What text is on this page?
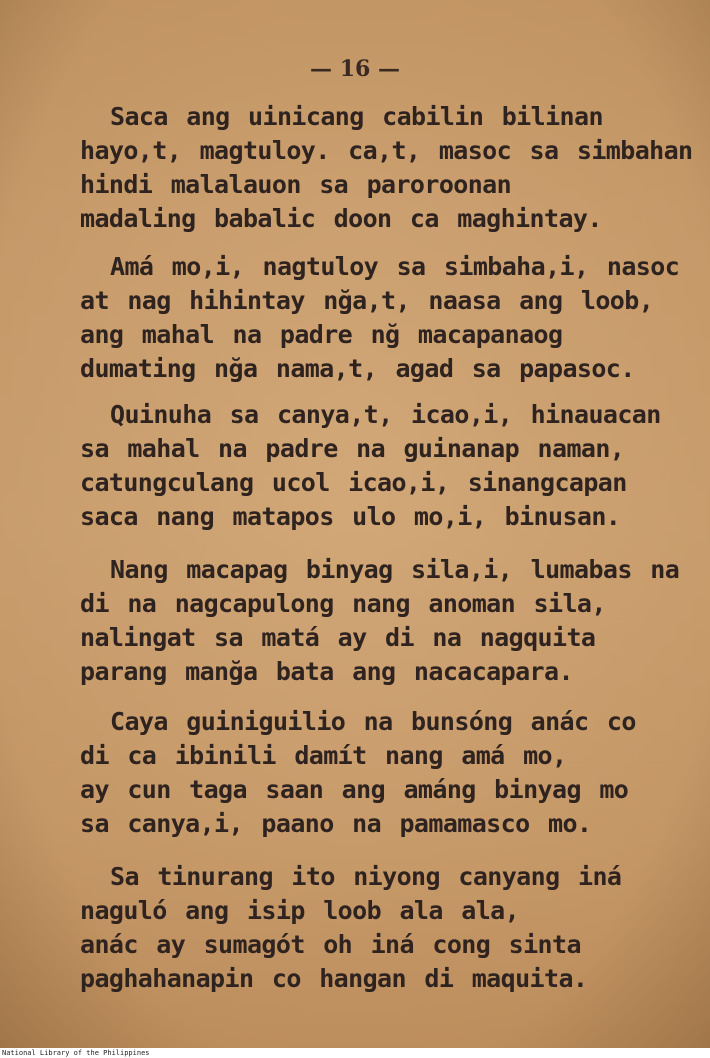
— 16 —
Saca ang uinicang cabilin bilinan
hayo,t, magtuloy. ca,t, masoc sa simbahan
hindi malalauon sa paroroonan
madaling babalic doon ca maghintay.
Amá mo,i, nagtuloy sa simbaha,i, nasoc
at nag hihintay nğa,t, naasa ang loob,
ang mahal na padre nğ macapanaog
dumating nğa nama,t, agad sa papasoc.
Quinuha sa canya,t, icao,i, hinauacan
sa mahal na padre na guinanap naman,
catungculang ucol icao,i, sinangcapan
saca nang matapos ulo mo,i, binusan.
Nang macapag binyag sila,i, lumabas na
di na nagcapulong nang anoman sila,
nalingat sa matá ay di na nagquita
parang manğa bata ang nacacapara.
Caya guiniguilio na bunsóng anác co
di ca ibinili damít nang amá mo,
ay cun taga saan ang amáng binyag mo
sa canya,i, paano na pamamasco mo.
Sa tinurang ito niyong canyang iná
naguló ang isip loob ala ala,
anác ay sumagót oh iná cong sinta
paghahanapin co hangan di maquita.
National Library of the Philippines
